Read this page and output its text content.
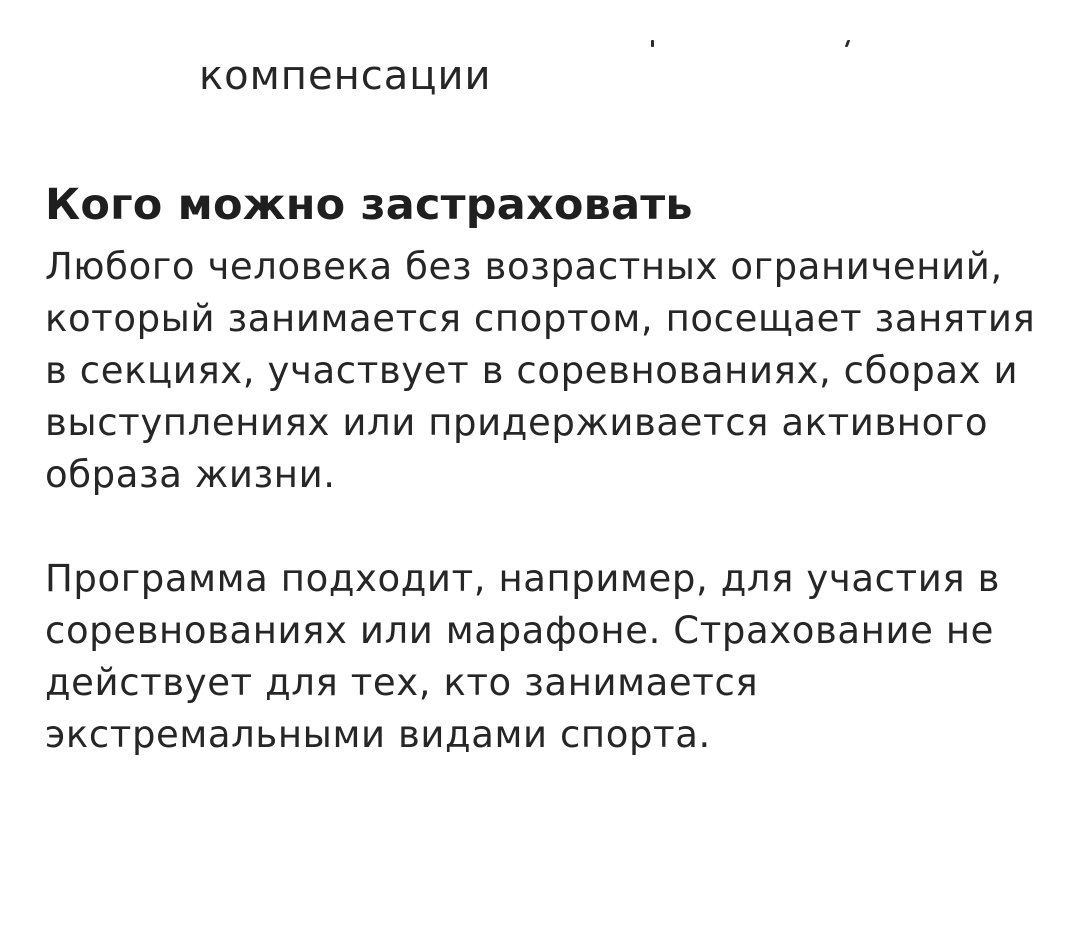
компенсации
Кого можно застраховать

Любого человека без возрастных ограничений, который занимается спортом, посещает занятия в секциях, участвует в соревнованиях, сборах и выступлениях или придерживается активного образа жизни.

Программа подходит, например, для участия в соревнованиях или марафоне. Страхование не действует для тех, кто занимается экстремальными видами спорта.
